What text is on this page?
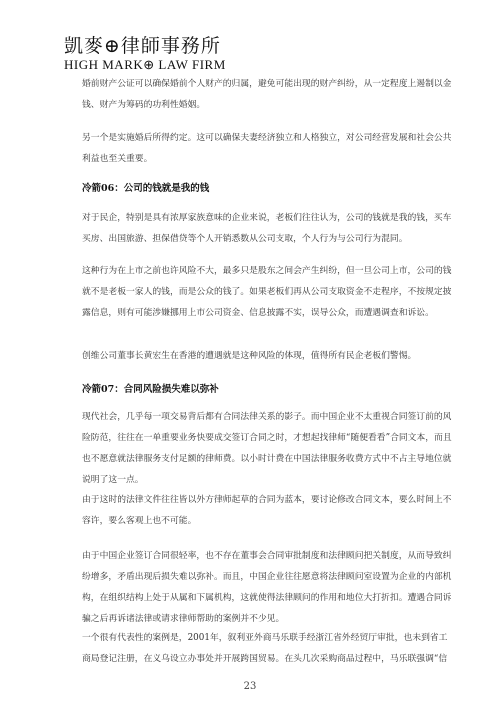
凱麥⊕律師事務所
HIGH MARK⊕ LAW FIRM
婚前财产公证可以确保婚前个人财产的归属，避免可能出现的财产纠纷，从一定程度上遏制以金钱、财产为筹码的功利性婚姻。
另一个是实施婚后所得约定。这可以确保夫妻经济独立和人格独立，对公司经营发展和社会公共利益也至关重要。
冷箭06：公司的钱就是我的钱
对于民企，特别是具有浓厚家族意味的企业来说，老板们往往认为，公司的钱就是我的钱，买车买房、出国旅游、担保借贷等个人开销悉数从公司支取，个人行为与公司行为混同。
这种行为在上市之前也许风险不大，最多只是股东之间会产生纠纷，但一旦公司上市，公司的钱就不是老板一家人的钱，而是公众的钱了。如果老板们再从公司支取资金不走程序，不按规定披露信息，则有可能涉嫌挪用上市公司资金、信息披露不实，误导公众，而遭遇调查和诉讼。
创维公司董事长黄宏生在香港的遭遇就是这种风险的体现，值得所有民企老板们警惕。
冷箭07：合同风险损失难以弥补
现代社会，几乎每一项交易背后都有合同法律关系的影子。而中国企业不太重视合同签订前的风险防范，往往在一单重要业务快要成交签订合同之时，才想起找律师“随便看看”合同文本，而且也不愿意就法律服务支付足额的律师费。以小时计费在中国法律服务收费方式中不占主导地位就说明了这一点。
由于这时的法律文件往往皆以外方律师起草的合同为蓝本，要讨论修改合同文本，要么时间上不容许，要么客观上也不可能。
由于中国企业签订合同很轻率，也不存在董事会合同审批制度和法律顾问把关制度，从而导致纠纷增多，矛盾出现后损失难以弥补。而且，中国企业往往愿意将法律顾问室设置为企业的内部机构，在组织结构上处于从属和下属机构，这就使得法律顾问的作用和地位大打折扣。遭遇合同诉骗之后再诉诸法律或请求律师帮助的案例并不少见。
一个很有代表性的案例是，2001年，叙利亚外商马乐联手经浙江省外经贸厅审批，也未到省工商局登记注册，在义乌设立办事处并开展跨国贸易。在头几次采购商品过程中，马乐联强调“信
23
